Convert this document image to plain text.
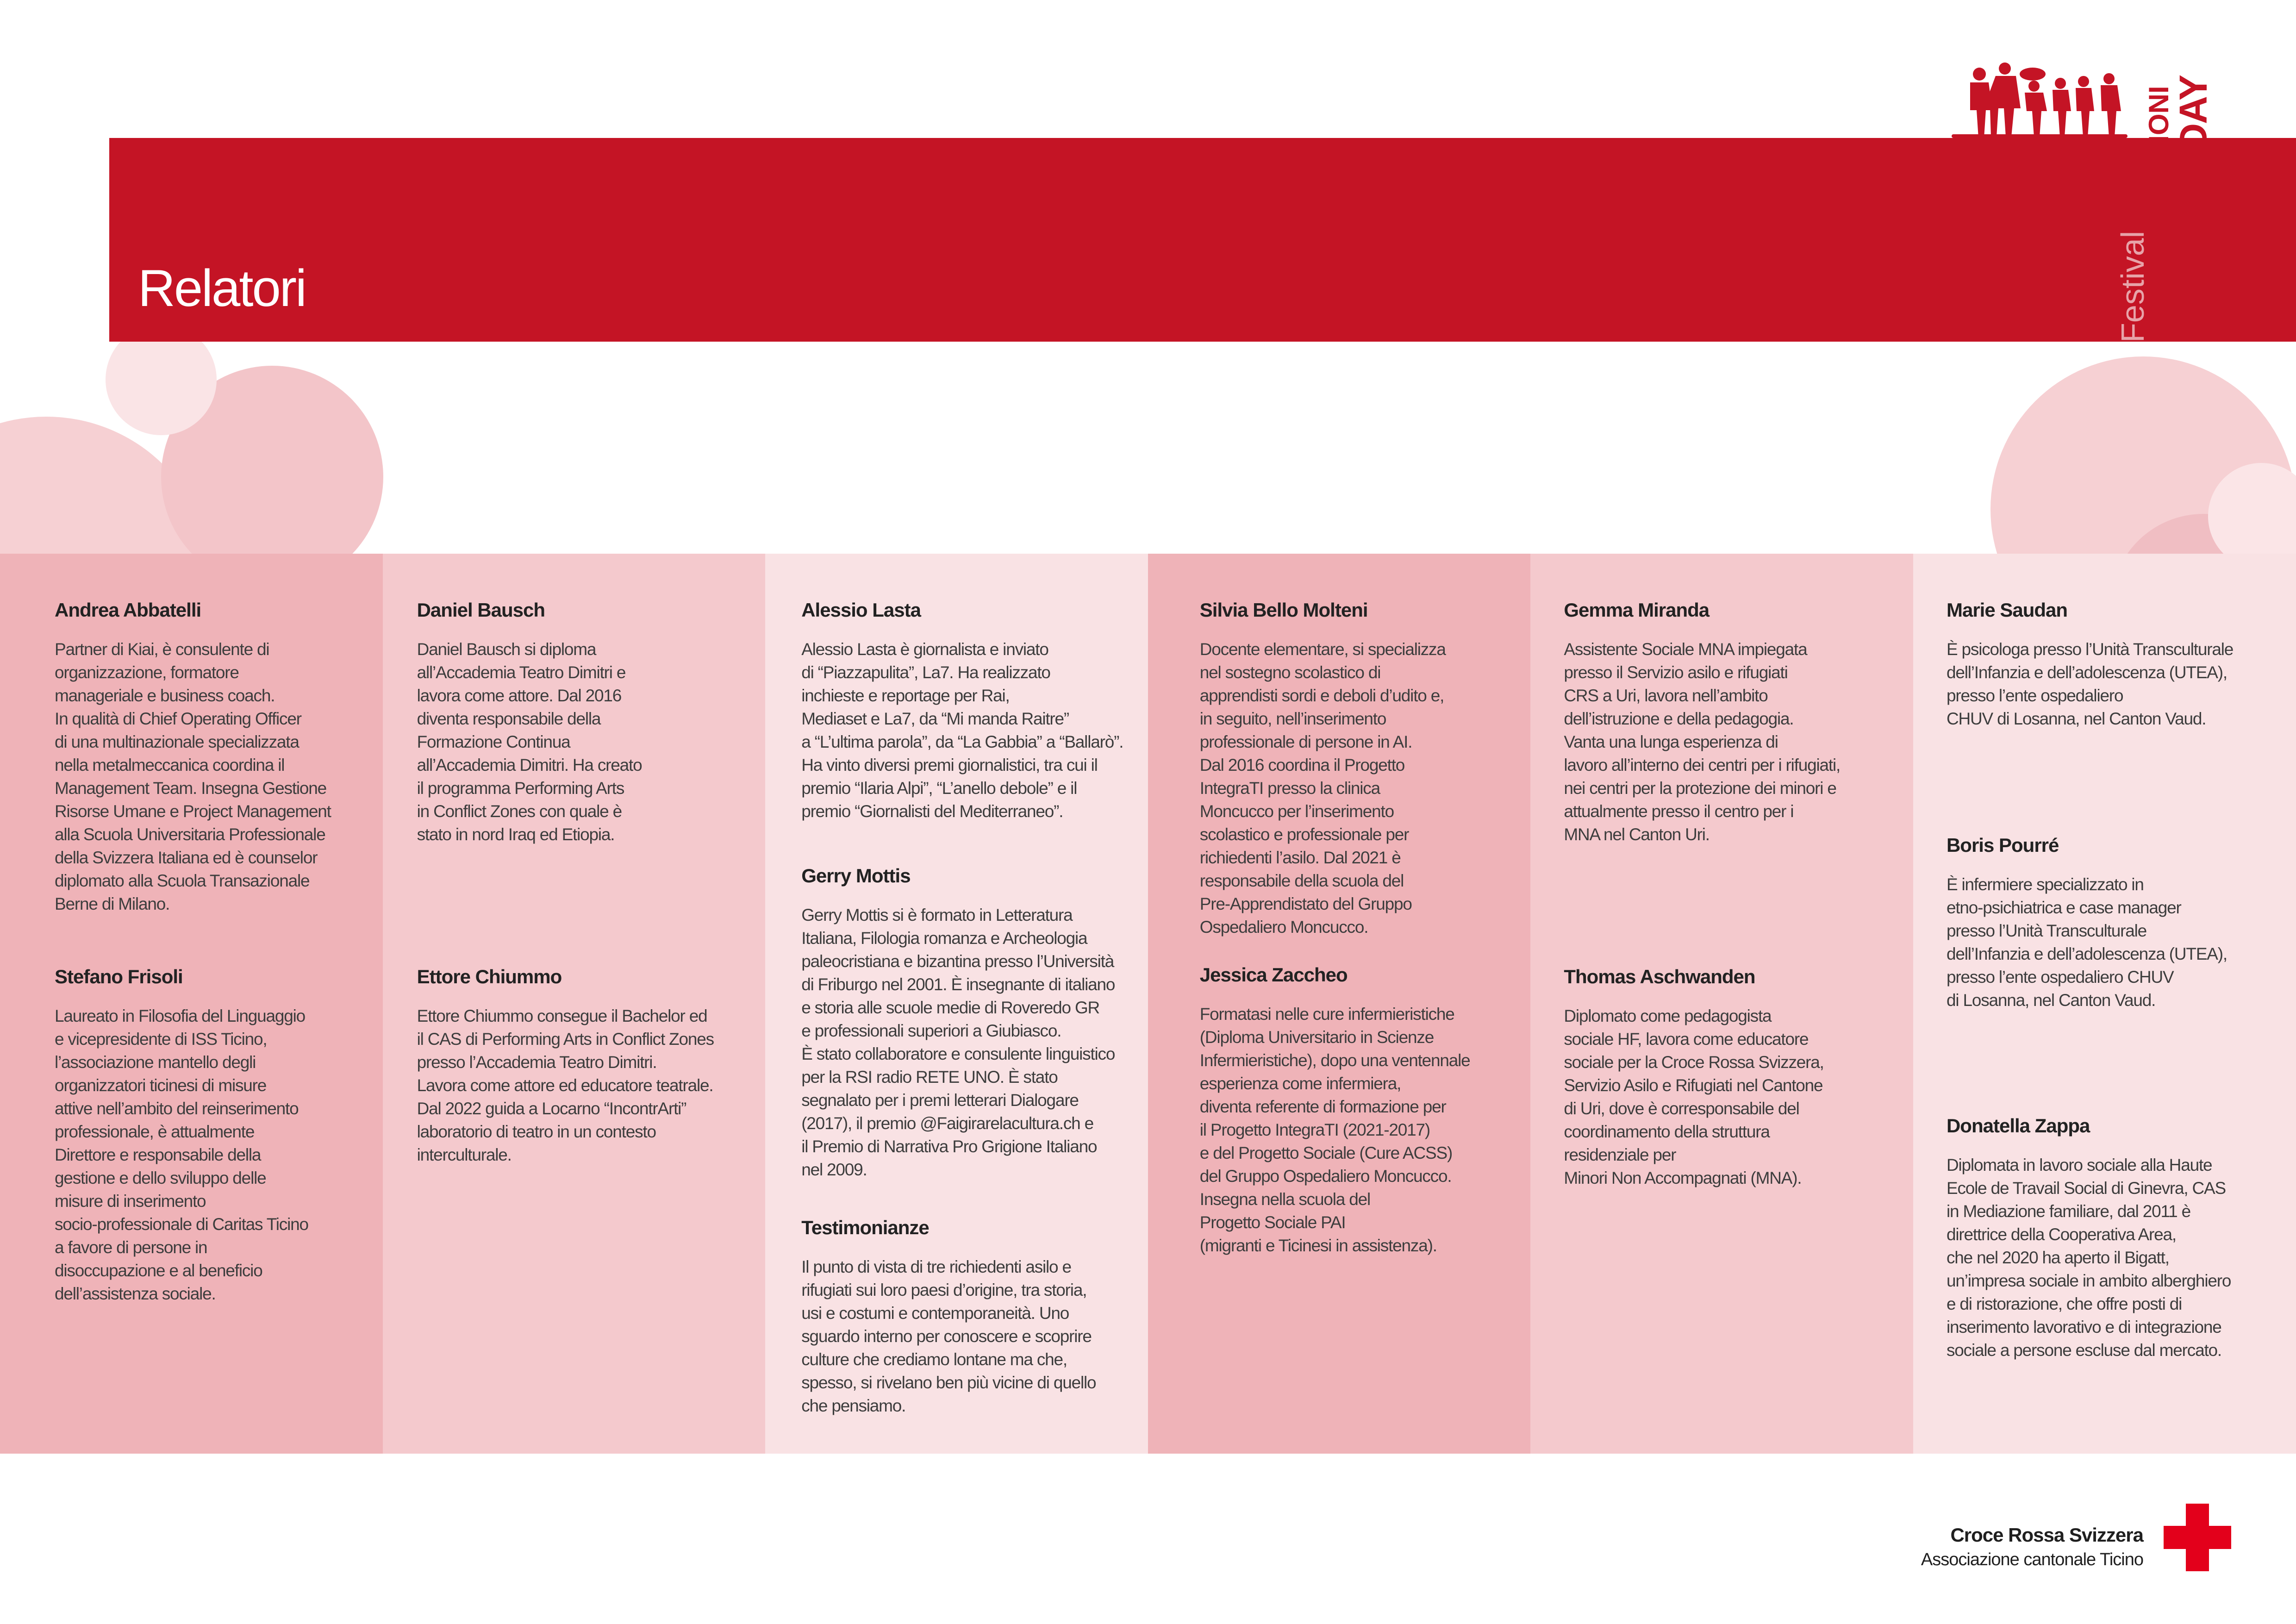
Relatori	Festival
DELLE MIGRAZIONI
REFUGEE DAY
Andrea Abbatelli

Partner di Kiai, è consulente di
organizzazione, formatore
manageriale e business coach.
In qualità di Chief Operating Officer
di una multinazionale specializzata
nella metalmeccanica coordina il
Management Team. Insegna Gestione
Risorse Umane e Project Management
alla Scuola Universitaria Professionale
della Svizzera Italiana ed è counselor
diplomato alla Scuola Transazionale
Berne di Milano.

Stefano Frisoli

Laureato in Filosofia del Linguaggio
e vicepresidente di ISS Ticino,
l’associazione mantello degli
organizzatori ticinesi di misure
attive nell’ambito del reinserimento
professionale, è attualmente
Direttore e responsabile della
gestione e dello sviluppo delle
misure di inserimento
socio-professionale di Caritas Ticino
a favore di persone in
disoccupazione e al beneficio
dell’assistenza sociale.

Daniel Bausch

Daniel Bausch si diploma
all’Accademia Teatro Dimitri e
lavora come attore. Dal 2016
diventa responsabile della
Formazione Continua
all’Accademia Dimitri. Ha creato
il programma Performing Arts
in Conflict Zones con quale è
stato in nord Iraq ed Etiopia.

Ettore Chiummo

Ettore Chiummo consegue il Bachelor ed
il CAS di Performing Arts in Conflict Zones
presso l’Accademia Teatro Dimitri.
Lavora come attore ed educatore teatrale.
Dal 2022 guida a Locarno “IncontrArti”
laboratorio di teatro in un contesto
interculturale.

Alessio Lasta

Alessio Lasta è giornalista e inviato
di “Piazzapulita”, La7. Ha realizzato
inchieste e reportage per Rai,
Mediaset e La7, da “Mi manda Raitre”
a “L’ultima parola”, da “La Gabbia” a “Ballarò”.
Ha vinto diversi premi giornalistici, tra cui il
premio “Ilaria Alpi”, “L’anello debole” e il
premio “Giornalisti del Mediterraneo”.

Gerry Mottis

Gerry Mottis si è formato in Letteratura
Italiana, Filologia romanza e Archeologia
paleocristiana e bizantina presso l’Università
di Friburgo nel 2001. È insegnante di italiano
e storia alle scuole medie di Roveredo GR
e professionali superiori a Giubiasco.
È stato collaboratore e consulente linguistico
per la RSI radio RETE UNO. È stato
segnalato per i premi letterari Dialogare
(2017), il premio @Faigirarelacultura.ch e
il Premio di Narrativa Pro Grigione Italiano
nel 2009.

Testimonianze

Il punto di vista di tre richiedenti asilo e
rifugiati sui loro paesi d’origine, tra storia,
usi e costumi e contemporaneità. Uno
sguardo interno per conoscere e scoprire
culture che crediamo lontane ma che,
spesso, si rivelano ben più vicine di quello
che pensiamo.

Silvia Bello Molteni

Docente elementare, si specializza
nel sostegno scolastico di
apprendisti sordi e deboli d’udito e,
in seguito, nell’inserimento
professionale di persone in AI.
Dal 2016 coordina il Progetto
IntegraTI presso la clinica
Moncucco per l’inserimento
scolastico e professionale per
richiedenti l’asilo. Dal 2021 è
responsabile della scuola del
Pre-Apprendistato del Gruppo
Ospedaliero Moncucco.

Jessica Zaccheo

Formatasi nelle cure infermieristiche
(Diploma Universitario in Scienze
Infermieristiche), dopo una ventennale
esperienza come infermiera,
diventa referente di formazione per
il Progetto IntegraTI (2021-2017)
e del Progetto Sociale (Cure ACSS)
del Gruppo Ospedaliero Moncucco.
Insegna nella scuola del
Progetto Sociale PAI
(migranti e Ticinesi in assistenza).

Gemma Miranda

Assistente Sociale MNA impiegata
presso il Servizio asilo e rifugiati
CRS a Uri, lavora nell’ambito
dell’istruzione e della pedagogia.
Vanta una lunga esperienza di
lavoro all’interno dei centri per i rifugiati,
nei centri per la protezione dei minori e
attualmente presso il centro per i
MNA nel Canton Uri.

Thomas Aschwanden

Diplomato come pedagogista
sociale HF, lavora come educatore
sociale per la Croce Rossa Svizzera,
Servizio Asilo e Rifugiati nel Cantone
di Uri, dove è corresponsabile del
coordinamento della struttura
residenziale per
Minori Non Accompagnati (MNA).

Marie Saudan

È psicologa presso l’Unità Transculturale
dell’Infanzia e dell’adolescenza (UTEA),
presso l’ente ospedaliero
CHUV di Losanna, nel Canton Vaud.

Boris Pourré

È infermiere specializzato in
etno-psichiatrica e case manager
presso l’Unità Transculturale
dell’Infanzia e dell’adolescenza (UTEA),
presso l’ente ospedaliero CHUV
di Losanna, nel Canton Vaud.

Donatella Zappa

Diplomata in lavoro sociale alla Haute
Ecole de Travail Social di Ginevra, CAS
in Mediazione familiare, dal 2011 è
direttrice della Cooperativa Area,
che nel 2020 ha aperto il Bigatt,
un’impresa sociale in ambito alberghiero
e di ristorazione, che offre posti di
inserimento lavorativo e di integrazione
sociale a persone escluse dal mercato.

Croce Rossa Svizzera
Associazione cantonale Ticino
